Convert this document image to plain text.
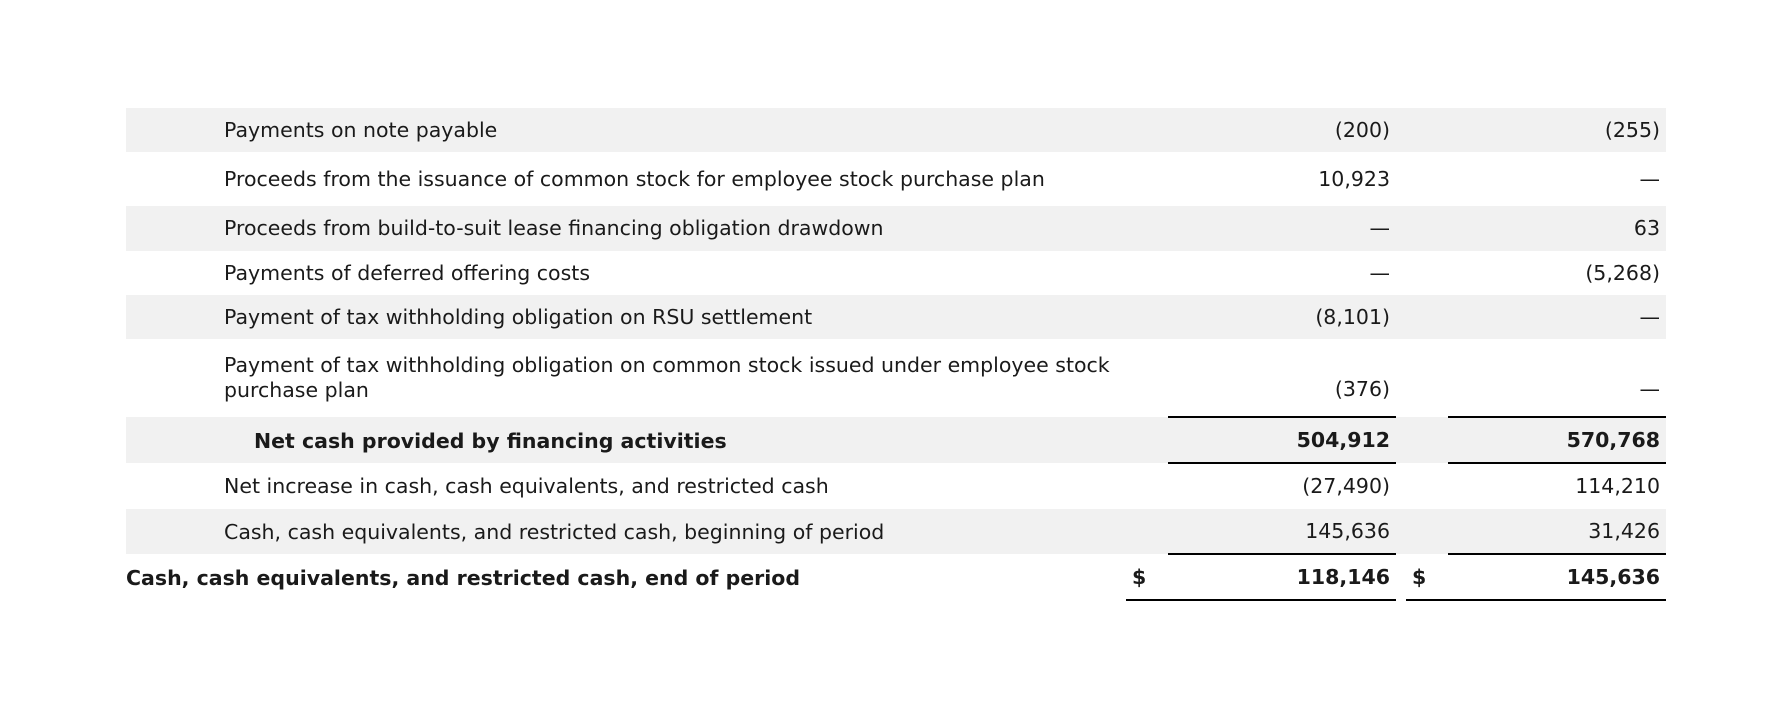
Payments on note payable		(200)			(255)
Proceeds from the issuance of common stock for employee stock purchase plan		10,923			—
Proceeds from build-to-suit lease financing obligation drawdown		—			63
Payments of deferred offering costs		—			(5,268)
Payment of tax withholding obligation on RSU settlement		(8,101)			—
Payment of tax withholding obligation on common stock issued under employee stock purchase plan		(376)			—
Net cash provided by financing activities		504,912			570,768
Net increase in cash, cash equivalents, and restricted cash		(27,490)			114,210
Cash, cash equivalents, and restricted cash, beginning of period		145,636			31,426
Cash, cash equivalents, and restricted cash, end of period	$	118,146		$	145,636
